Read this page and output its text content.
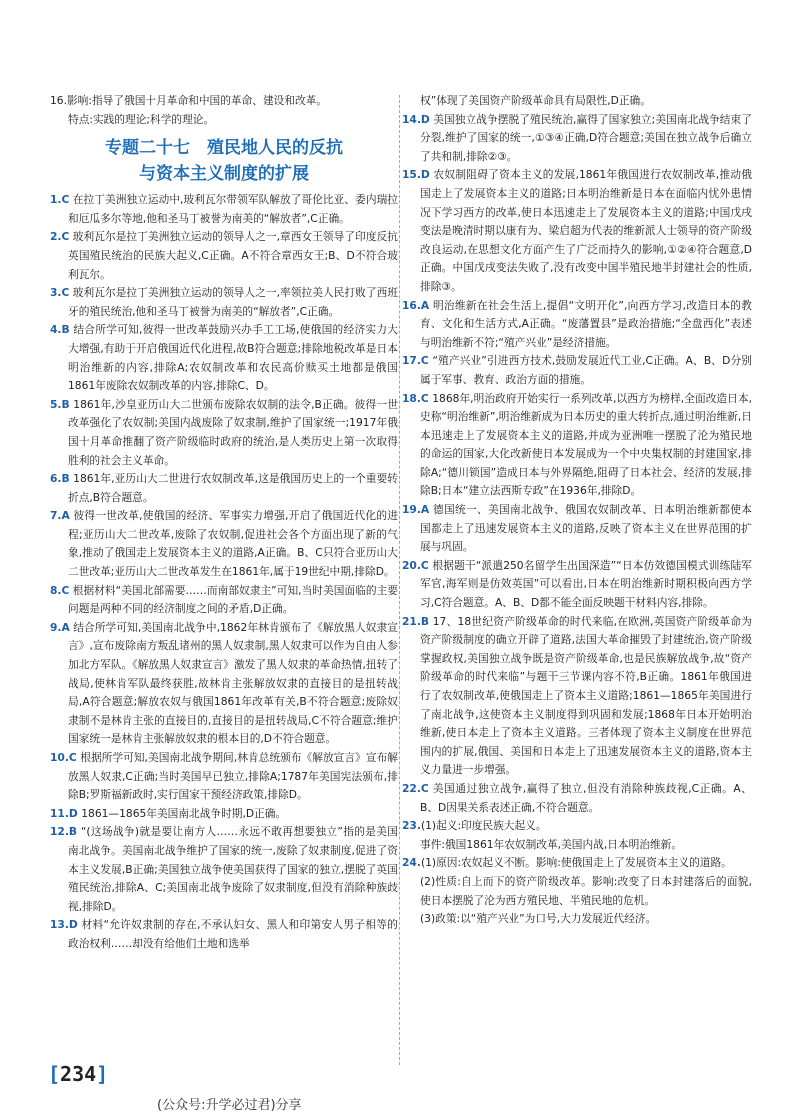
16.影响:指导了俄国十月革命和中国的革命、建设和改革。

特点:实践的理论;科学的理论。

专题二十七　殖民地人民的反抗
与资本主义制度的扩展

1.C 在拉丁美洲独立运动中,玻利瓦尔带领军队解放了哥伦比亚、委内瑞拉和厄瓜多尔等地,他和圣马丁被誉为南美的“解放者”,C正确。

2.C 玻利瓦尔是拉丁美洲独立运动的领导人之一,章西女王领导了印度反抗英国殖民统治的民族大起义,C正确。A不符合章西女王;B、D不符合玻利瓦尔。

3.C 玻利瓦尔是拉丁美洲独立运动的领导人之一,率领拉美人民打败了西班牙的殖民统治,他和圣马丁被誉为南美的“解放者”,C正确。

4.B 结合所学可知,彼得一世改革鼓励兴办手工工场,使俄国的经济实力大大增强,有助于开启俄国近代化进程,故B符合题意;排除地税改革是日本明治维新的内容,排除A;农奴制改革和农民高价赎买土地都是俄国1861年废除农奴制改革的内容,排除C、D。

5.B 1861年,沙皇亚历山大二世颁布废除农奴制的法令,B正确。彼得一世改革强化了农奴制;美国内战废除了奴隶制,维护了国家统一;1917年俄国十月革命推翻了资产阶级临时政府的统治,是人类历史上第一次取得胜利的社会主义革命。

6.B 1861年,亚历山大二世进行农奴制改革,这是俄国历史上的一个重要转折点,B符合题意。

7.A 彼得一世改革,使俄国的经济、军事实力增强,开启了俄国近代化的进程;亚历山大二世改革,废除了农奴制,促进社会各个方面出现了新的气象,推动了俄国走上发展资本主义的道路,A正确。B、C只符合亚历山大二世改革;亚历山大二世改革发生在1861年,属于19世纪中期,排除D。

8.C 根据材料“美国北部需要……而南部奴隶主”可知,当时美国面临的主要问题是两种不同的经济制度之间的矛盾,D正确。

9.A 结合所学可知,美国南北战争中,1862年林肯颁布了《解放黑人奴隶宣言》,宣布废除南方叛乱诸州的黑人奴隶制,黑人奴隶可以作为自由人参加北方军队。《解放黑人奴隶宣言》激发了黑人奴隶的革命热情,扭转了战局,使林肯军队最终获胜,故林肯主张解放奴隶的直接目的是扭转战局,A符合题意;解放农奴与俄国1861年改革有关,B不符合题意;废除奴隶制不是林肯主张的直接目的,直接目的是扭转战局,C不符合题意;维护国家统一是林肯主张解放奴隶的根本目的,D不符合题意。

10.C 根据所学可知,美国南北战争期间,林肯总统颁布《解放宣言》宣布解放黑人奴隶,C正确;当时美国早已独立,排除A;1787年美国宪法颁布,排除B;罗斯福新政时,实行国家干预经济政策,排除D。

11.D 1861—1865年美国南北战争时期,D正确。

12.B “(这场战争)就是要让南方人……永远不敢再想要独立”指的是美国南北战争。美国南北战争维护了国家的统一,废除了奴隶制度,促进了资本主义发展,B正确;美国独立战争使美国获得了国家的独立,摆脱了英国殖民统治,排除A、C;美国南北战争废除了奴隶制度,但没有消除种族歧视,排除D。

13.D 材料“允许奴隶制的存在,不承认妇女、黑人和印第安人男子相等的政治权利……却没有给他们土地和选举

权”体现了美国资产阶级革命具有局限性,D正确。

14.D 美国独立战争摆脱了殖民统治,赢得了国家独立;美国南北战争结束了分裂,维护了国家的统一,①③④正确,D符合题意;美国在独立战争后确立了共和制,排除②③。

15.D 农奴制阻碍了资本主义的发展,1861年俄国进行农奴制改革,推动俄国走上了发展资本主义的道路;日本明治维新是日本在面临内忧外患情况下学习西方的改革,使日本迅速走上了发展资本主义的道路;中国戊戌变法是晚清时期以康有为、梁启超为代表的维新派人士领导的资产阶级改良运动,在思想文化方面产生了广泛而持久的影响,①②④符合题意,D正确。中国戊戌变法失败了,没有改变中国半殖民地半封建社会的性质,排除③。

16.A 明治维新在社会生活上,提倡“文明开化”,向西方学习,改造日本的教育、文化和生活方式,A正确。“废藩置县”是政治措施;“全盘西化”表述与明治维新不符;“殖产兴业”是经济措施。

17.C “殖产兴业”引进西方技术,鼓励发展近代工业,C正确。A、B、D分别属于军事、教育、政治方面的措施。

18.C 1868年,明治政府开始实行一系列改革,以西方为榜样,全面改造日本,史称“明治维新”,明治维新成为日本历史的重大转折点,通过明治维新,日本迅速走上了发展资本主义的道路,并成为亚洲唯一摆脱了沦为殖民地的命运的国家,大化改新使日本发展成为一个中央集权制的封建国家,排除A;“德川锁国”造成日本与外界隔绝,阻碍了日本社会、经济的发展,排除B;日本“建立法西斯专政”在1936年,排除D。

19.A 德国统一、美国南北战争、俄国农奴制改革、日本明治维新都使本国都走上了迅速发展资本主义的道路,反映了资本主义在世界范围的扩展与巩固。

20.C 根据题干“派遣250名留学生出国深造”“日本仿效德国模式训练陆军军官,海军则是仿效英国”可以看出,日本在明治维新时期积极向西方学习,C符合题意。A、B、D都不能全面反映题干材料内容,排除。

21.B 17、18世纪资产阶级革命的时代来临,在欧洲,英国资产阶级革命为资产阶级制度的确立开辟了道路,法国大革命摧毁了封建统治,资产阶级掌握政权,美国独立战争既是资产阶级革命,也是民族解放战争,故“资产阶级革命的时代来临”与题干三节课内容不符,B正确。1861年俄国进行了农奴制改革,使俄国走上了资本主义道路;1861—1865年美国进行了南北战争,这使资本主义制度得到巩固和发展;1868年日本开始明治维新,使日本走上了资本主义道路。三者体现了资本主义制度在世界范围内的扩展,俄国、美国和日本走上了迅速发展资本主义的道路,资本主义力量进一步增强。

22.C 美国通过独立战争,赢得了独立,但没有消除种族歧视,C正确。A、B、D因果关系表述正确,不符合题意。

23.(1)起义:印度民族大起义。

事件:俄国1861年农奴制改革,美国内战,日本明治维新。

24.(1)原因:农奴起义不断。影响:使俄国走上了发展资本主义的道路。

(2)性质:自上而下的资产阶级改革。影响:改变了日本封建落后的面貌,使日本摆脱了沦为西方殖民地、半殖民地的危机。

(3)政策:以“殖产兴业”为口号,大力发展近代经济。

[ 234 ]
(公众号:升学必过君)分享
